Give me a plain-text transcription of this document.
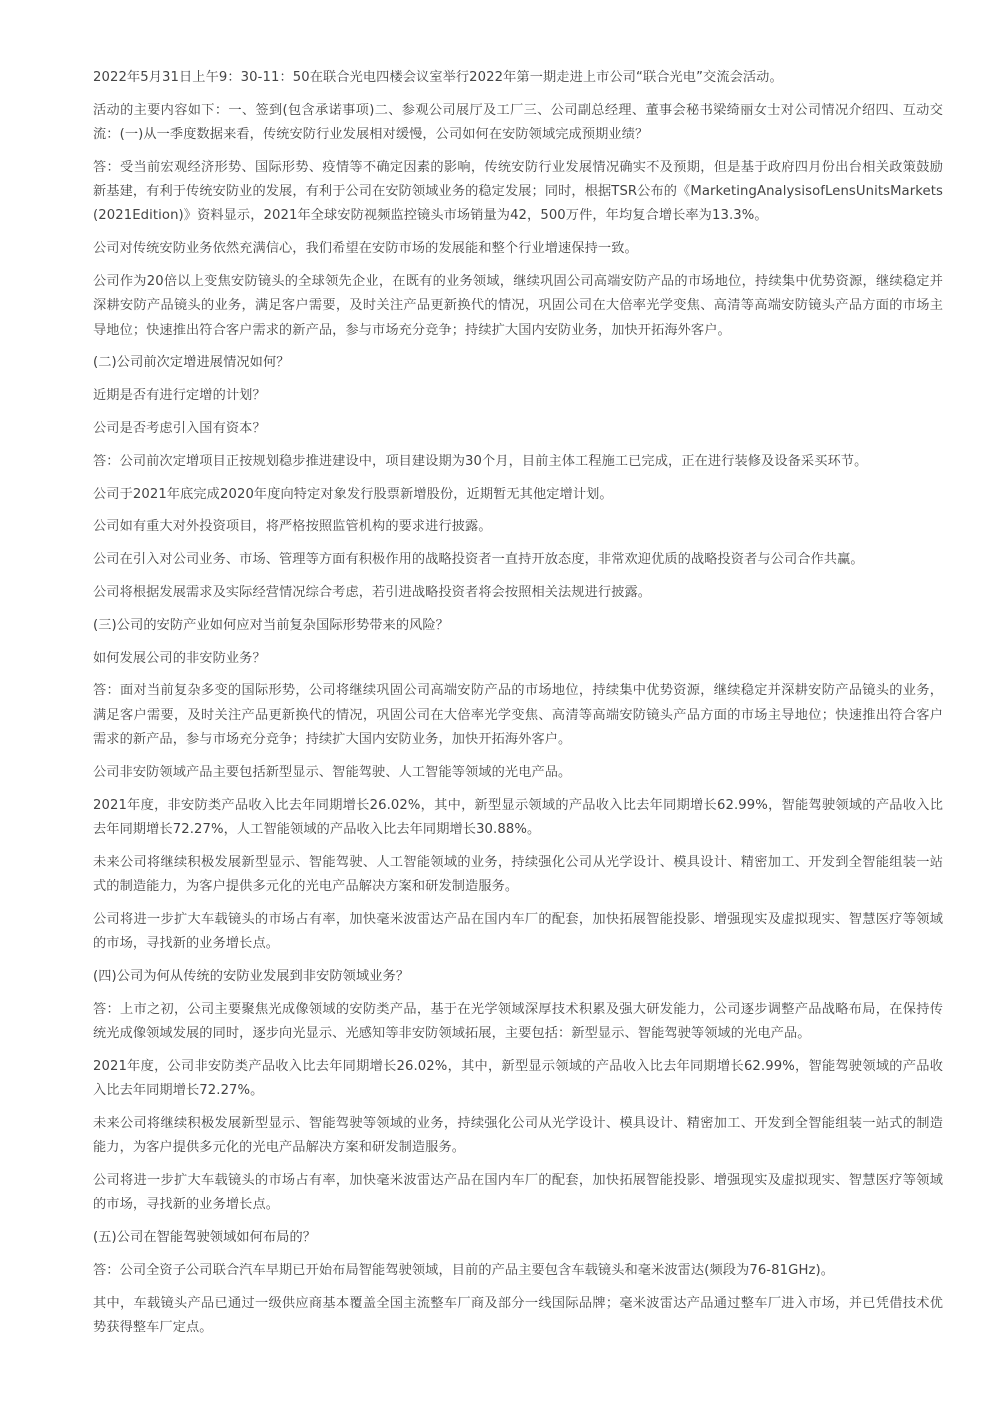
2022年5月31日上午9：30-11：50在联合光电四楼会议室举行2022年第一期走进上市公司“联合光电”交流会活动。

活动的主要内容如下：一、签到(包含承诺事项)二、参观公司展厅及工厂三、公司副总经理、董事会秘书梁绮丽女士对公司情况介绍四、互动交流：(一)从一季度数据来看，传统安防行业发展相对缓慢，公司如何在安防领域完成预期业绩？

答：受当前宏观经济形势、国际形势、疫情等不确定因素的影响，传统安防行业发展情况确实不及预期，但是基于政府四月份出台相关政策鼓励新基建，有利于传统安防业的发展，有利于公司在安防领域业务的稳定发展；同时，根据TSR公布的《MarketingAnalysisofLensUnitsMarkets(2021Edition)》资料显示，2021年全球安防视频监控镜头市场销量为42，500万件，年均复合增长率为13.3%。

公司对传统安防业务依然充满信心，我们希望在安防市场的发展能和整个行业增速保持一致。

公司作为20倍以上变焦安防镜头的全球领先企业，在既有的业务领域，继续巩固公司高端安防产品的市场地位，持续集中优势资源，继续稳定并深耕安防产品镜头的业务，满足客户需要，及时关注产品更新换代的情况，巩固公司在大倍率光学变焦、高清等高端安防镜头产品方面的市场主导地位；快速推出符合客户需求的新产品，参与市场充分竞争；持续扩大国内安防业务，加快开拓海外客户。

(二)公司前次定增进展情况如何？

近期是否有进行定增的计划？

公司是否考虑引入国有资本？

答：公司前次定增项目正按规划稳步推进建设中，项目建设期为30个月，目前主体工程施工已完成，正在进行装修及设备采买环节。

公司于2021年底完成2020年度向特定对象发行股票新增股份，近期暂无其他定增计划。

公司如有重大对外投资项目，将严格按照监管机构的要求进行披露。

公司在引入对公司业务、市场、管理等方面有积极作用的战略投资者一直持开放态度，非常欢迎优质的战略投资者与公司合作共赢。

公司将根据发展需求及实际经营情况综合考虑，若引进战略投资者将会按照相关法规进行披露。

(三)公司的安防产业如何应对当前复杂国际形势带来的风险？

如何发展公司的非安防业务？

答：面对当前复杂多变的国际形势，公司将继续巩固公司高端安防产品的市场地位，持续集中优势资源，继续稳定并深耕安防产品镜头的业务，满足客户需要，及时关注产品更新换代的情况，巩固公司在大倍率光学变焦、高清等高端安防镜头产品方面的市场主导地位；快速推出符合客户需求的新产品，参与市场充分竞争；持续扩大国内安防业务，加快开拓海外客户。

公司非安防领域产品主要包括新型显示、智能驾驶、人工智能等领域的光电产品。

2021年度，非安防类产品收入比去年同期增长26.02%，其中，新型显示领域的产品收入比去年同期增长62.99%，智能驾驶领域的产品收入比去年同期增长72.27%，人工智能领域的产品收入比去年同期增长30.88%。

未来公司将继续积极发展新型显示、智能驾驶、人工智能领域的业务，持续强化公司从光学设计、模具设计、精密加工、开发到全智能组装一站式的制造能力，为客户提供多元化的光电产品解决方案和研发制造服务。

公司将进一步扩大车载镜头的市场占有率，加快毫米波雷达产品在国内车厂的配套，加快拓展智能投影、增强现实及虚拟现实、智慧医疗等领域的市场，寻找新的业务增长点。

(四)公司为何从传统的安防业发展到非安防领域业务？

答：上市之初，公司主要聚焦光成像领域的安防类产品，基于在光学领域深厚技术积累及强大研发能力，公司逐步调整产品战略布局，在保持传统光成像领域发展的同时，逐步向光显示、光感知等非安防领域拓展，主要包括：新型显示、智能驾驶等领域的光电产品。

2021年度，公司非安防类产品收入比去年同期增长26.02%，其中，新型显示领域的产品收入比去年同期增长62.99%，智能驾驶领域的产品收入比去年同期增长72.27%。

未来公司将继续积极发展新型显示、智能驾驶等领域的业务，持续强化公司从光学设计、模具设计、精密加工、开发到全智能组装一站式的制造能力，为客户提供多元化的光电产品解决方案和研发制造服务。

公司将进一步扩大车载镜头的市场占有率，加快毫米波雷达产品在国内车厂的配套，加快拓展智能投影、增强现实及虚拟现实、智慧医疗等领域的市场，寻找新的业务增长点。

(五)公司在智能驾驶领域如何布局的？

答：公司全资子公司联合汽车早期已开始布局智能驾驶领域，目前的产品主要包含车载镜头和毫米波雷达(频段为76-81GHz)。

其中，车载镜头产品已通过一级供应商基本覆盖全国主流整车厂商及部分一线国际品牌；毫米波雷达产品通过整车厂进入市场，并已凭借技术优势获得整车厂定点。
